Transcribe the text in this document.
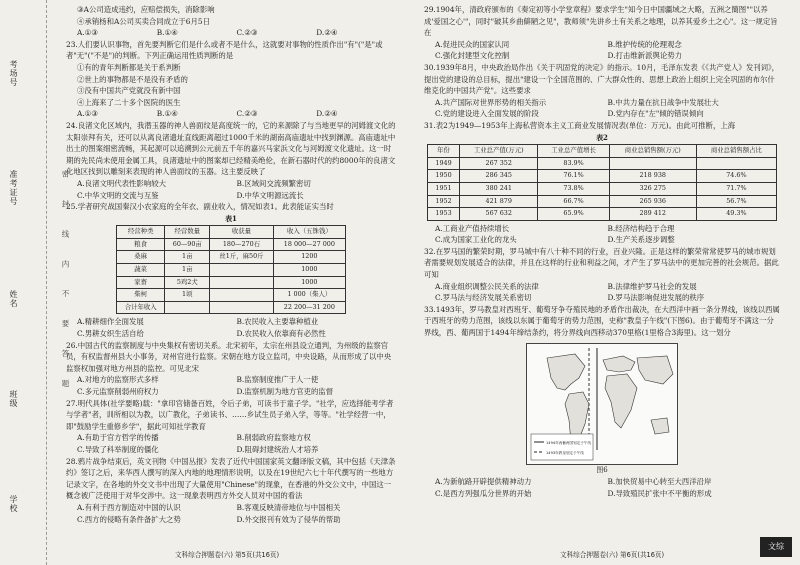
考场号
准考证号
姓名
班级
学校
密 封 线 内 不 要 答 题

③A公司造成违约，应赔偿损失，消除影响

④承销杨和A公司买卖合同成立于6月5日

A.①③	B.①④	C.②③	D.②④

23.人们要认识事物，首先要判断它们是什么或者不是什么，这就要对事物的性质作出"有"("是"或者"无"("不是")的判断。下列正确运用性质判断的是

①有的青年判断都是关于系判断

②世上的事物都是不是没有矛盾的

③没有中国共产党就没有新中国

④上海来了二十多个医院的医生

A.①③	B.①④	C.②③	D.②④

24.良渚文化区域内，我潜玉器的神人兽面纹是高度统一的，它的来源除了与当地更早的河姆渡文化的太阳崇拜有关，还可以从离良渚遗址直线距离超过1000千米的湖南高庙遗址中找到渊源。高庙遗址中出土的图案细密流畅，其起源可以追溯到公元前五千年的嘉兴马家浜文化与河姆渡文化遗址。这一时期的先民尚未使用金属工具，良渚遗址中的图案却已经精美绝伦，在新石器时代的约8000年的良渚文化地区找到以雕刻来表现的神人兽面纹的玉器。这主要反映了

A.良渚文明代表性影响较大	B.区域间交流频繁密切
C.中华文明的交流与互鉴	D.中华文明源远流长

25.学者研究战国秦汉小农家庭的全年衣、副业收入，情况如表1。此表能证实当时

表1
经营种类	经营数量	收获量	收入（五铢钱）
粮食	60—90亩	180—270石	18 000—27 000
桑麻	1亩	丝1斤，麻50斤	1200
蔬菜	1亩		1000
家畜	5鸡2犬		1000
柴柯	1顷		1 000（柴人）
合计年收入			22 200—31 200
A.精耕细作全面发展	B.农民收入主要靠种植业
C.男耕女织生活自给	D.农民收入依靠商有必然性

26.中国古代的监察制度与中央集权有密切关系。北宋初年，太宗在州县设立通判，为州级的监察官员，有权监督州县大小事务，对州官进行监察。宋朝在地方设立监司，中央设路，从而形成了以中央监察权加强对地方州县的监控。可见北宋

A.对地方的监察形式多样	B.监察制度推广于人一使
C.多元监察削弱州府权力	D.监察机制为地方官吏的监督

27.明代具体(社学要略)载："拿印官储备百姓，令后子弟，可读书于童子学。"社学，应选择能考学者与学者"者，训所相以为教，以广教化，子弟读书、……乡试生员子弟入学，等等。"社学经营一中，即"鼓励学生重修乡学"，据此可知社学教育

A.有助于官方哲学的传播	B.削弱政府监察地方权
C.导致了科举制度的僵化	D.阻碍封建统治人才培养

28.鸦片战争结束后，英文刊物《中国丛报》发表了近代中国国家英文翻译版文稿，其中包括《天津条约》签订之后，来华西人撰写的深入内地的地理情形说明，以及在19世纪六七十年代撰写的一些地方记录文字，在各地的外交文书中出现了大量使用"Chinese"的现象，在香港的外交公文中，中国这一概念被广泛使用于对华交涉中。这一现象表明西方外交人员对中国的看法

A.有利于西方制造对中国的认识	B.客观反映清帝地位与中国相关
C.西方的侵略有条件备扩大之势	D.外交报刊有效为了侵华的帮助
文科综合押题卷(六) 第5页(共16页)

29.1904年，清政府颁布的《奏定初等小学堂章程》要求学生"知今日中国疆域之大略，五洲之簡图""以养成'爱国之心'"，同时"破其乡曲僻陋之见"，教师须"先讲乡土有关系之地理，以养其爱乡土之心"。这一规定旨在

A.促进民众的国家认同	B.维护传统的伦理观念
C.强化封建型文化控制	D.打击维新派舆论势力

30.1939年8月，中央政治局作出《关于巩固党的决定》的指示。10月，毛泽东发表《《共产党人》发刊词》，提出党的建设的总目标，提出"建设一个全国范围的、广大群众性的、思想上政治上组织上完全巩固的布尔什维克化的中国共产党"。这些要求

A.共产国际对世界形势的相关指示	B.中共力量在抗日战争中发展壮大
C.党的建设进入全面发展的阶段	D.党内存在"左"倾的错误倾向

31.表2为1949—1953年上海私营资本主义工商业发展情况表(单位：万元)。由此可推断，上海

表2
年份	工业总产值(万元)	工业总产值增长	商业总销售额(万元)	商业总销售额占比
1949	267 352	83.9%		
1950	286 345	76.1%	218 938	74.6%
1951	380 241	73.8%	326 275	71.7%
1952	421 879	66.7%	265 936	56.7%
1953	567 632	65.9%	289 412	49.3%
A.工商业产值持续增长	B.经济结构趋于合理
C.成为国家工业化的龙头	D.生产关系逐步调整

32.在罗马国的繁荣时期，罗马城中有八十种不同的行业，百业兴隆。正是这样的繁荣常常使罗马的城市规划者需要规划发展适合的法律，并且在这样的行业和利益之间，才产生了罗马法中的更加完善的社会规范。据此可知

A.商业组织调整公民关系的法律	B.法律维护罗马社会的发展
C.罗马法与经济发展关系密切	D.罗马法影响促进发展的秩序

33.1493年，罗马教皇对西班牙、葡萄牙争夺殖民地的矛盾作出裁决，在大西洋中画一条分界线，该线以西属于西班牙的势力范围，该线以东属于葡萄牙的势力范围，史称"教皇子午线"(下图6)。由于葡萄牙不满这一分界线，西、葡两国于1494年缔结条约，将分界线向西移动370里格(1里格合3海里)。这一划分

1494年西葡两国划定子午线
1493年教皇划定子午线
图6
A.为新航路开辟提供精神动力	B.加快贸易中心转至大西洋沿岸
C.是西方列强瓜分世界的开始	D.导致殖民扩张中不平衡的形成
文科综合押题卷(六) 第6页(共16页)
文综
